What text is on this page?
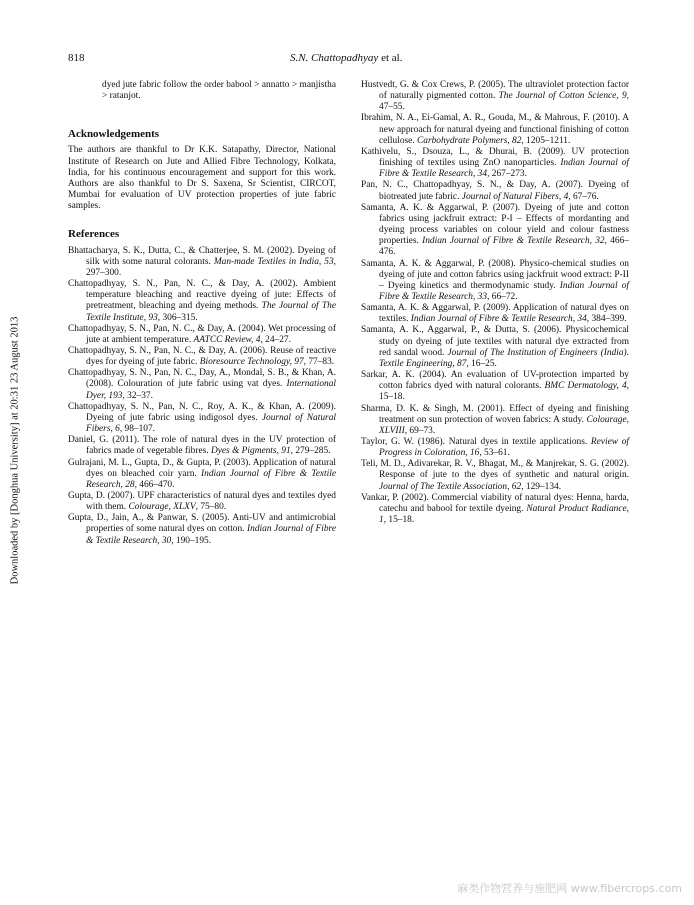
818	S.N. Chattopadhyay et al.

dyed jute fabric follow the order babool > annatto > manjistha > ratanjot.

Acknowledgements

The authors are thankful to Dr K.K. Satapathy, Director, National Institute of Research on Jute and Allied Fibre Technology, Kolkata, India, for his continuous encouragement and support for this work. Authors are also thankful to Dr S. Saxena, Sr Scientist, CIRCOT, Mumbai for evaluation of UV protection properties of jute fabric samples.

References

Bhattacharya, S. K., Dutta, C., & Chatterjee, S. M. (2002). Dyeing of silk with some natural colorants. Man-made Textiles in India, 53, 297–300.

Chattopadhyay, S. N., Pan, N. C., & Day, A. (2002). Ambient temperature bleaching and reactive dyeing of jute: Effects of pretreatment, bleaching and dyeing methods. The Journal of The Textile Institute, 93, 306–315.

Chattopadhyay, S. N., Pan, N. C., & Day, A. (2004). Wet processing of jute at ambient temperature. AATCC Review, 4, 24–27.

Chattopadhyay, S. N., Pan, N. C., & Day, A. (2006). Reuse of reactive dyes for dyeing of jute fabric. Bioresource Technology, 97, 77–83.

Chattopadhyay, S. N., Pan, N. C., Day, A., Mondal, S. B., & Khan, A. (2008). Colouration of jute fabric using vat dyes. International Dyer, 193, 32–37.

Chattopadhyay, S. N., Pan, N. C., Roy, A. K., & Khan, A. (2009). Dyeing of jute fabric using indigosol dyes. Journal of Natural Fibers, 6, 98–107.

Daniel, G. (2011). The role of natural dyes in the UV protection of fabrics made of vegetable fibres. Dyes & Pigments, 91, 279–285.

Gulrajani, M. L., Gupta, D., & Gupta, P. (2003). Application of natural dyes on bleached coir yarn. Indian Journal of Fibre & Textile Research, 28, 466–470.

Gupta, D. (2007). UPF characteristics of natural dyes and textiles dyed with them. Colourage, XLXV, 75–80.

Gupta, D., Jain, A., & Panwar, S. (2005). Anti-UV and antimicrobial properties of some natural dyes on cotton. Indian Journal of Fibre & Textile Research, 30, 190–195.

Hustvedt, G. & Cox Crews, P. (2005). The ultraviolet protection factor of naturally pigmented cotton. The Journal of Cotton Science, 9, 47–55.

Ibrahim, N. A., Ei-Gamal, A. R., Gouda, M., & Mahrous, F. (2010). A new approach for natural dyeing and functional finishing of cotton cellulose. Carbohydrate Polymers, 82, 1205–1211.

Kathivelu, S., Dsouza, L., & Dhurai, B. (2009). UV protection finishing of textiles using ZnO nanoparticles. Indian Journal of Fibre & Textile Research, 34, 267–273.

Pan, N. C., Chattopadhyay, S. N., & Day, A. (2007). Dyeing of biotreated jute fabric. Journal of Natural Fibers, 4, 67–76.

Samanta, A. K. & Aggarwal, P. (2007). Dyeing of jute and cotton fabrics using jackfruit extract: P-I – Effects of mordanting and dyeing process variables on colour yield and colour fastness properties. Indian Journal of Fibre & Textile Research, 32, 466–476.

Samanta, A. K. & Aggarwal, P. (2008). Physico-chemical studies on dyeing of jute and cotton fabrics using jackfruit wood extract: P-II – Dyeing kinetics and thermodynamic study. Indian Journal of Fibre & Textile Research, 33, 66–72.

Samanta, A. K. & Aggarwal, P. (2009). Application of natural dyes on textiles. Indian Journal of Fibre & Textile Research, 34, 384–399.

Samanta, A. K., Aggarwal, P., & Dutta, S. (2006). Physicochemical study on dyeing of jute textiles with natural dye extracted from red sandal wood. Journal of The Institution of Engineers (India). Textile Engineering, 87, 16–25.

Sarkar, A. K. (2004). An evaluation of UV-protection imparted by cotton fabrics dyed with natural colorants. BMC Dermatology, 4, 15–18.

Sharma, D. K. & Singh, M. (2001). Effect of dyeing and finishing treatment on sun protection of woven fabrics: A study. Colourage, XLVIII, 69–73.

Taylor, G. W. (1986). Natural dyes in textile applications. Review of Progress in Coloration, 16, 53–61.

Teli, M. D., Adivarekar, R. V., Bhagat, M., & Manjrekar, S. G. (2002). Response of jute to the dyes of synthetic and natural origin. Journal of The Textile Association, 62, 129–134.

Vankar, P. (2002). Commercial viability of natural dyes: Henna, harda, catechu and babool for textile dyeing. Natural Product Radiance, 1, 15–18.

Downloaded by [Donghua University] at 20:31 23 August 2013
麻类作物营养与施肥网 www.fibercrops.com
